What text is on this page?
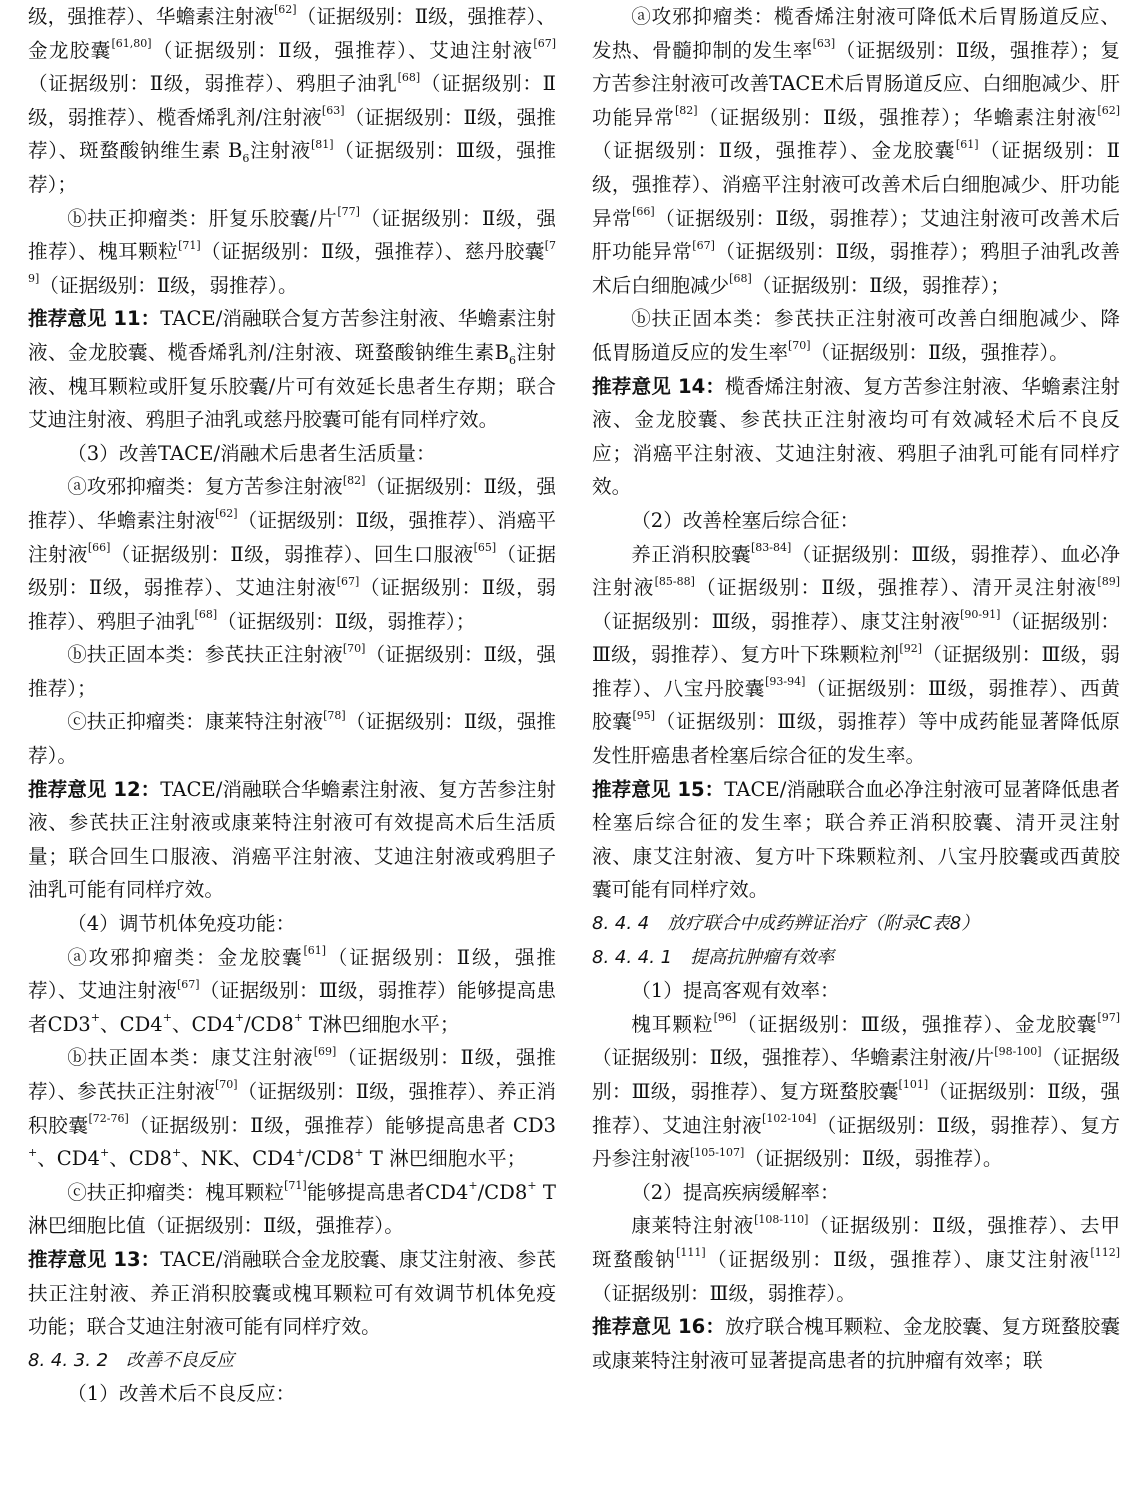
级，强推荐）、华蟾素注射液[62]（证据级别：Ⅱ级，强推荐）、金龙胶囊[61,80]（证据级别：Ⅱ级，强推荐）、艾迪注射液[67]（证据级别：Ⅱ级，弱推荐）、鸦胆子油乳[68]（证据级别：Ⅱ级，弱推荐）、榄香烯乳剂/注射液[63]（证据级别：Ⅱ级，强推荐）、斑蝥酸钠维生素 $B_6$注射液[81]（证据级别：Ⅲ级，强推荐）；

ⓑ扶正抑瘤类：肝复乐胶囊/片[77]（证据级别：Ⅱ级，强推荐）、槐耳颗粒[71]（证据级别：Ⅱ级，强推荐）、慈丹胶囊[79]（证据级别：Ⅱ级，弱推荐）。

推荐意见 11：TACE/消融联合复方苦参注射液、华蟾素注射液、金龙胶囊、榄香烯乳剂/注射液、斑蝥酸钠维生素$B_6$注射液、槐耳颗粒或肝复乐胶囊/片可有效延长患者生存期；联合艾迪注射液、鸦胆子油乳或慈丹胶囊可能有同样疗效。

（3）改善TACE/消融术后患者生活质量：

ⓐ攻邪抑瘤类：复方苦参注射液[82]（证据级别：Ⅱ级，强推荐）、华蟾素注射液[62]（证据级别：Ⅱ级，强推荐）、消癌平注射液[66]（证据级别：Ⅱ级，弱推荐）、回生口服液[65]（证据级别：Ⅱ级，弱推荐）、艾迪注射液[67]（证据级别：Ⅱ级，弱推荐）、鸦胆子油乳[68]（证据级别：Ⅱ级，弱推荐）；

ⓑ扶正固本类：参芪扶正注射液[70]（证据级别：Ⅱ级，强推荐）；

ⓒ扶正抑瘤类：康莱特注射液[78]（证据级别：Ⅱ级，强推荐）。

推荐意见 12：TACE/消融联合华蟾素注射液、复方苦参注射液、参芪扶正注射液或康莱特注射液可有效提高术后生活质量；联合回生口服液、消癌平注射液、艾迪注射液或鸦胆子油乳可能有同样疗效。

（4）调节机体免疫功能：

ⓐ攻邪抑瘤类：金龙胶囊[61]（证据级别：Ⅱ级，强推荐）、艾迪注射液[67]（证据级别：Ⅲ级，弱推荐）能够提高患者CD3+、CD4+、CD4+/CD8+ T淋巴细胞水平；

ⓑ扶正固本类：康艾注射液[69]（证据级别：Ⅱ级，强推荐）、参芪扶正注射液[70]（证据级别：Ⅱ级，强推荐）、养正消积胶囊[72-76]（证据级别：Ⅱ级，强推荐）能够提高患者 CD3+、CD4+、CD8+、NK、CD4+/CD8+ T 淋巴细胞水平；

ⓒ扶正抑瘤类：槐耳颗粒[71]能够提高患者CD4+/CD8+ T淋巴细胞比值（证据级别：Ⅱ级，强推荐）。

推荐意见 13：TACE/消融联合金龙胶囊、康艾注射液、参芪扶正注射液、养正消积胶囊或槐耳颗粒可有效调节机体免疫功能；联合艾迪注射液可能有同样疗效。

8. 4. 3. 2　改善不良反应

（1）改善术后不良反应：

ⓐ攻邪抑瘤类：榄香烯注射液可降低术后胃肠道反应、发热、骨髓抑制的发生率[63]（证据级别：Ⅱ级，强推荐）；复方苦参注射液可改善TACE术后胃肠道反应、白细胞减少、肝功能异常[82]（证据级别：Ⅱ级，强推荐）；华蟾素注射液[62]（证据级别：Ⅱ级，强推荐）、金龙胶囊[61]（证据级别：Ⅱ级，强推荐）、消癌平注射液可改善术后白细胞减少、肝功能异常[66]（证据级别：Ⅱ级，弱推荐）；艾迪注射液可改善术后肝功能异常[67]（证据级别：Ⅱ级，弱推荐）；鸦胆子油乳改善术后白细胞减少[68]（证据级别：Ⅱ级，弱推荐）；

ⓑ扶正固本类：参芪扶正注射液可改善白细胞减少、降低胃肠道反应的发生率[70]（证据级别：Ⅱ级，强推荐）。

推荐意见 14：榄香烯注射液、复方苦参注射液、华蟾素注射液、金龙胶囊、参芪扶正注射液均可有效减轻术后不良反应；消癌平注射液、艾迪注射液、鸦胆子油乳可能有同样疗效。

（2）改善栓塞后综合征：

养正消积胶囊[83-84]（证据级别：Ⅲ级，弱推荐）、血必净注射液[85-88]（证据级别：Ⅱ级，强推荐）、清开灵注射液[89]（证据级别：Ⅲ级，弱推荐）、康艾注射液[90-91]（证据级别：Ⅲ级，弱推荐）、复方叶下珠颗粒剂[92]（证据级别：Ⅲ级，弱推荐）、八宝丹胶囊[93-94]（证据级别：Ⅲ级，弱推荐）、西黄胶囊[95]（证据级别：Ⅲ级，弱推荐）等中成药能显著降低原发性肝癌患者栓塞后综合征的发生率。

推荐意见 15：TACE/消融联合血必净注射液可显著降低患者栓塞后综合征的发生率；联合养正消积胶囊、清开灵注射液、康艾注射液、复方叶下珠颗粒剂、八宝丹胶囊或西黄胶囊可能有同样疗效。

8. 4. 4　放疗联合中成药辨证治疗（附录C表8）

8. 4. 4. 1　提高抗肿瘤有效率

（1）提高客观有效率：

槐耳颗粒[96]（证据级别：Ⅲ级，强推荐）、金龙胶囊[97]（证据级别：Ⅱ级，强推荐）、华蟾素注射液/片[98-100]（证据级别：Ⅲ级，弱推荐）、复方斑蝥胶囊[101]（证据级别：Ⅱ级，强推荐）、艾迪注射液[102-104]（证据级别：Ⅱ级，弱推荐）、复方丹参注射液[105-107]（证据级别：Ⅱ级，弱推荐）。

（2）提高疾病缓解率：

康莱特注射液[108-110]（证据级别：Ⅱ级，强推荐）、去甲斑蝥酸钠[111]（证据级别：Ⅱ级，强推荐）、康艾注射液[112]（证据级别：Ⅲ级，弱推荐）。

推荐意见 16：放疗联合槐耳颗粒、金龙胶囊、复方斑蝥胶囊或康莱特注射液可显著提高患者的抗肿瘤有效率；联
